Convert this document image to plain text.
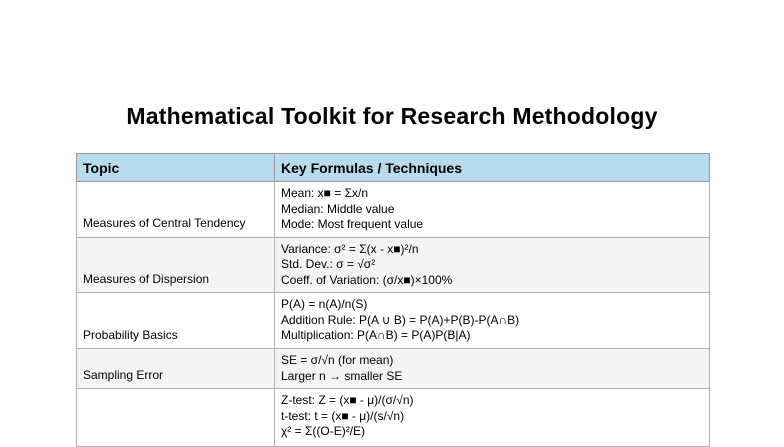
Mathematical Toolkit for Research Methodology
Topic	Key Formulas / Techniques
Measures of Central Tendency	Mean: x■ = Σx/n
Median: Middle value
Mode: Most frequent value

Measures of Dispersion	Variance: σ² = Σ(x - x■)²/n
Std. Dev.: σ = √σ²
Coeff. of Variation: (σ/x■)×100%

Probability Basics	P(A) = n(A)/n(S)
Addition Rule: P(A ∪ B) = P(A)+P(B)-P(A∩B)
Multiplication: P(A∩B) = P(A)P(B|A)

Sampling Error	SE = σ/√n (for mean)
Larger n → smaller SE

	Z-test: Z = (x■ - μ)/(σ/√n)
t-test: t = (x■ - μ)/(s/√n)
χ² = Σ((O-E)²/E)
